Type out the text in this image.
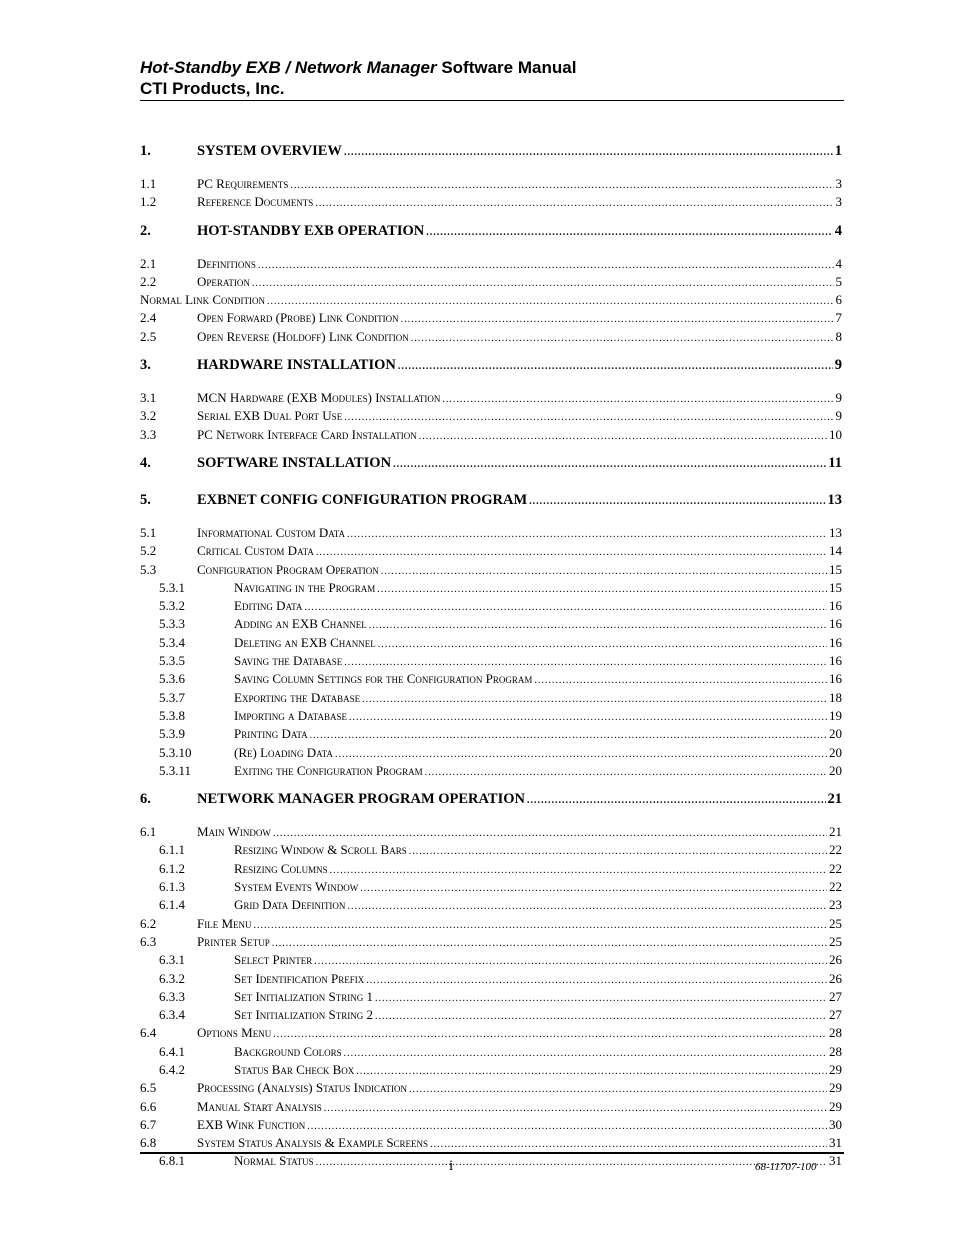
Hot-Standby EXB / Network Manager Software Manual
CTI Products, Inc.
1.	SYSTEM OVERVIEW .....	1
1.1	PC Requirements .....	3
1.2	Reference Documents .....	3
2.	HOT-STANDBY EXB OPERATION .....	4
2.1	Definitions .....	4
2.2	Operation .....	5
Normal Link Condition .....	6
2.4	Open Forward (Probe) Link Condition .....	7
2.5	Open Reverse (Holdoff) Link Condition .....	8
3.	HARDWARE INSTALLATION .....	9
3.1	MCN Hardware (EXB Modules) Installation .....	9
3.2	Serial EXB Dual Port Use .....	9
3.3	PC Network Interface Card Installation .....	10
4.	SOFTWARE INSTALLATION .....	11
5.	EXBNET CONFIG CONFIGURATION PROGRAM .....	13
5.1	Informational Custom Data .....	13
5.2	Critical Custom Data .....	14
5.3	Configuration Program Operation .....	15
5.3.1	Navigating in the Program .....	15
5.3.2	Editing Data .....	16
5.3.3	Adding an EXB Channel .....	16
5.3.4	Deleting an EXB Channel .....	16
5.3.5	Saving the Database .....	16
5.3.6	Saving Column Settings for the Configuration Program .....	16
5.3.7	Exporting the Database .....	18
5.3.8	Importing a Database .....	19
5.3.9	Printing Data .....	20
5.3.10	(Re) Loading Data .....	20
5.3.11	Exiting the Configuration Program .....	20
6.	NETWORK MANAGER PROGRAM OPERATION .....	21
6.1	Main Window .....	21
6.1.1	Resizing Window & Scroll Bars .....	22
6.1.2	Resizing Columns .....	22
6.1.3	System Events Window .....	22
6.1.4	Grid Data Definition .....	23
6.2	File Menu .....	25
6.3	Printer Setup .....	25
6.3.1	Select Printer .....	26
6.3.2	Set Identification Prefix .....	26
6.3.3	Set Initialization String 1 .....	27
6.3.4	Set Initialization String 2 .....	27
6.4	Options Menu .....	28
6.4.1	Background Colors .....	28
6.4.2	Status Bar Check Box .....	29
6.5	Processing (Analysis) Status Indication .....	29
6.6	Manual Start Analysis .....	29
6.7	EXB Wink Function .....	30
6.8	System Status Analysis & Example Screens .....	31
6.8.1	Normal Status .....	31
i	68-11707-100
